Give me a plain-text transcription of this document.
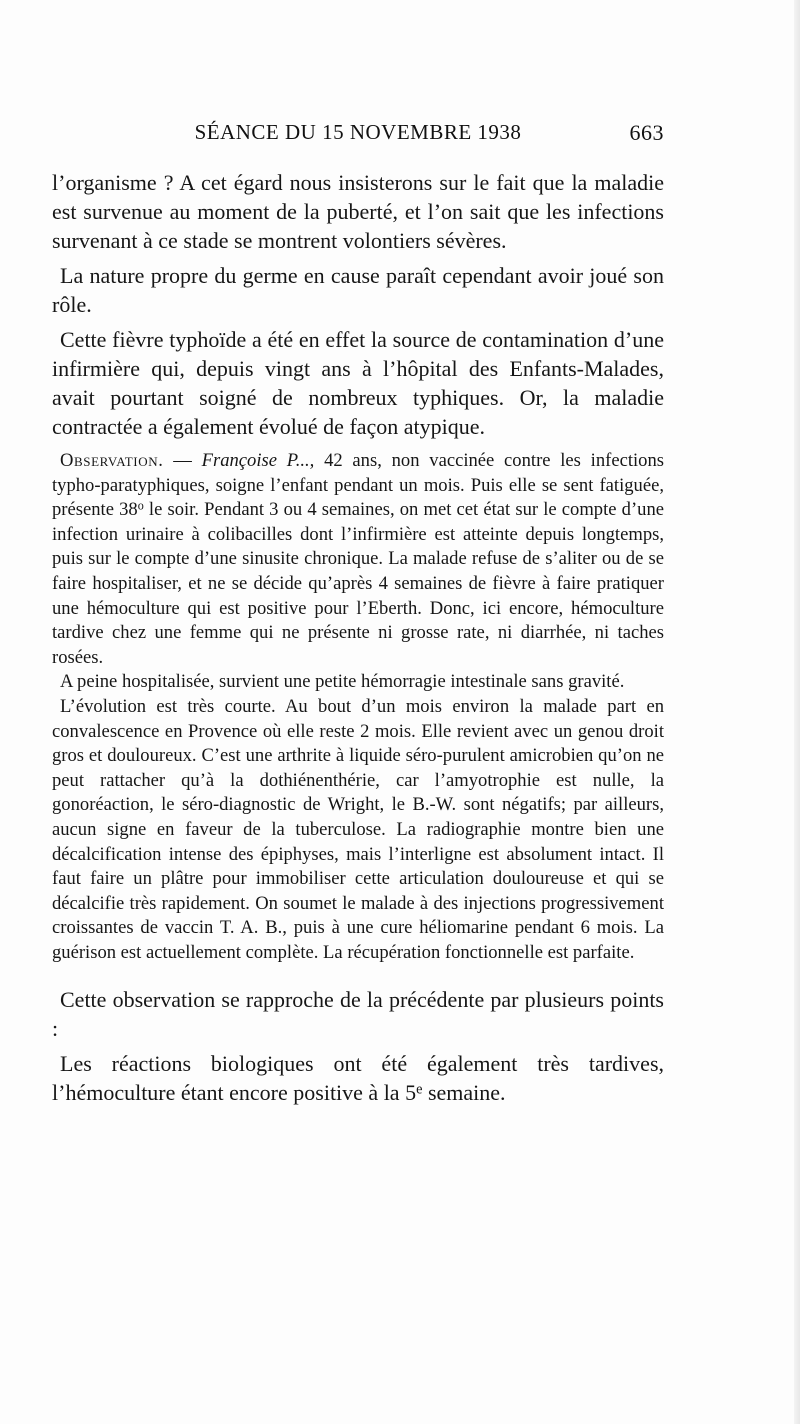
SÉANCE DU 15 NOVEMBRE 1938	663

l’organisme ? A cet égard nous insisterons sur le fait que la maladie est survenue au moment de la puberté, et l’on sait que les infections survenant à ce stade se montrent volontiers sévères.

La nature propre du germe en cause paraît cependant avoir joué son rôle.

Cette fièvre typhoïde a été en effet la source de contamination d’une infirmière qui, depuis vingt ans à l’hôpital des Enfants-Malades, avait pourtant soigné de nombreux typhiques. Or, la maladie contractée a également évolué de façon atypique.

Observation. — Françoise P..., 42 ans, non vaccinée contre les infections typho-paratyphiques, soigne l’enfant pendant un mois. Puis elle se sent fatiguée, présente 38$^o$ le soir. Pendant 3 ou 4 semaines, on met cet état sur le compte d’une infection urinaire à colibacilles dont l’infirmière est atteinte depuis longtemps, puis sur le compte d’une sinusite chronique. La malade refuse de s’aliter ou de se faire hospitaliser, et ne se décide qu’après 4 semaines de fièvre à faire pratiquer une hémoculture qui est positive pour l’Eberth. Donc, ici encore, hémoculture tardive chez une femme qui ne présente ni grosse rate, ni diarrhée, ni taches rosées.

A peine hospitalisée, survient une petite hémorragie intestinale sans gravité.

L’évolution est très courte. Au bout d’un mois environ la malade part en convalescence en Provence où elle reste 2 mois. Elle revient avec un genou droit gros et douloureux. C’est une arthrite à liquide séro-purulent amicrobien qu’on ne peut rattacher qu’à la dothiénenthérie, car l’amyotrophie est nulle, la gonoréaction, le séro-diagnostic de Wright, le B.-W. sont négatifs; par ailleurs, aucun signe en faveur de la tuberculose. La radiographie montre bien une décalcification intense des épiphyses, mais l’interligne est absolument intact. Il faut faire un plâtre pour immobiliser cette articulation douloureuse et qui se décalcifie très rapidement. On soumet le malade à des injections progressivement croissantes de vaccin T. A. B., puis à une cure héliomarine pendant 6 mois. La guérison est actuellement complète. La récupération fonctionnelle est parfaite.

Cette observation se rapproche de la précédente par plusieurs points :

Les réactions biologiques ont été également très tardives, l’hémoculture étant encore positive à la 5e semaine.
